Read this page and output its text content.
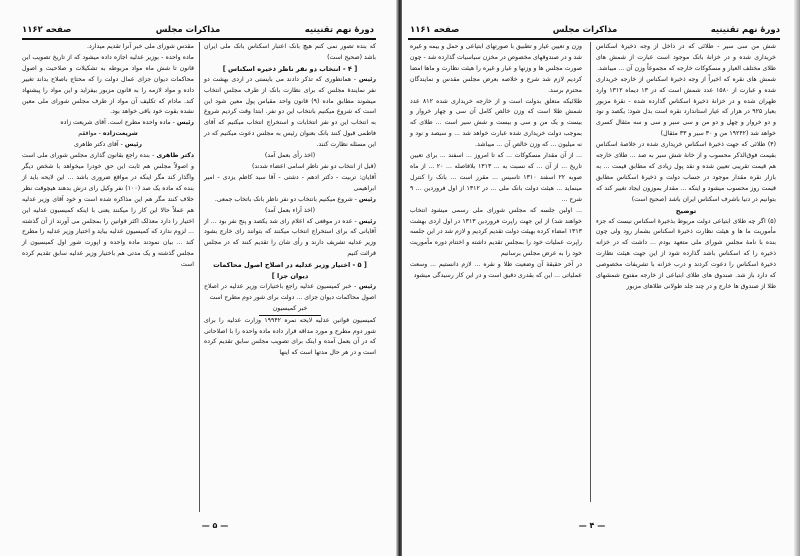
دورهٔ نهم تقنینیه
مذاکرات مجلس
صفحه ۱۱۶۲

که بنده تصور نمی کنم هیچ بانک اعتبار اسکناس بانک ملی ایران باشد (صحیح است)

[ ۴ - انتخاب دو نفر ناظر ذخیره اسکناس ]

رئیس - همانطوری که تذکر دادند می بایستی در اردی بهشت دو نفر نمایندهٔ مجلس که برای نظارت بانک از طرف مجلس انتخاب میشوند مطابق ماده (۹) قانون واحد مقیاس پول معین شود این است که شروع میکنیم بانتخاب این دو نفر. ابتدا وقت کردیم شروع به انتخاب این دو نفر انتخابات و استخراج انتخاب میکنیم که آقای فاطمی قبول کنند بانک بعنوان رئیس به مجلس دعوت میکنیم که در این مسئله نظارت کنند.

(اخذ رأی بعمل آمد)

(قبل از انتخاب دو نفر ناظر اسامی اعضاء شدند)

آقایان: تربیت - دکتر ادهم - دشتی - آقا سید کاظم یزدی - امیر ابراهیمی

رئیس - شروع میکنیم بانتخاب دو نفر ناظر بانک باتخاب جمعی.

(اخذ آراء بعمل آمد)

رئیس - عده در موقعی که اعلام رای شد یکصد و پنج نفر بود ... از آقایانی که برای استخراج انتخاب میکنند که بتوانند رای خارج بشود وزیر عدلیه تشریف دارند و رأی شان را تقدیم کنند که در مجلس قرائت کنیم

[ ۵ - اختیار وزیر عدلیه در اصلاح اصول محاکمات دیوان جزا ]

رئیس - خبر کمیسیون عدلیه راجع باختیارات وزیر عدلیه در اصلاح اصول محاکمات دیوان جزای ... دولت برای شور دوم مطرح است

خبر کمیسیون

کمیسیون قوانین عدلیه لایحه نمره ۱۹۹۴۲ وزارت عدلیه را برای شور دوم مطرح و مورد مداقه قرار داده ماده واحده را با اصلاحاتی که در آن بعمل آمده و اینک برای تصویب مجلس سابق تقدیم کرده است و در هر حال مدتها است که اینها

مقدس شورای ملی خبر آنرا تقدیم میدارد.

ماده واحده - بوزیر عدلیه اجازه داده میشود که از تاریخ تصویب این قانون تا شش ماه مواد مربوطه به تشکیلات و صلاحیت و اصول محاکمات دیوان جزای عمال دولت را که محتاج باصلاح بداند تغییر داده و مواد لازمه را به قانون مزبور بیفزاید و این مواد را پیشنهاد کند. مادام که تکلیف آن مواد از طرف مجلس شورای ملی معین نشده بقوت خود باقی خواهد بود.

رئیس - ماده واحده مطرح است. آقای شریعت زاده

شریعت‌زاده - موافقم

رئیس - آقای دکتر طاهری

دکتر طاهری - بنده راجع بقانون گذاری مجلس شورای ملی است و اصولاً مجلس هم ثابت این حق خودرا میخواهد با شخص دیگر واگذار کند مگر اینکه در مواقع ضروری باشد ... این لایحه باید از بنده که ماده یک صد (۱۰۰) نفر وکیل رای درش بدهند هیچوقت نظر خلاف کنند مگر هم این مذاکره شده است و خود آقای وزیر عدلیه هم عملاً حالا این کار را میکنند یعنی با اینکه کمیسیون عدلیه این اختیار را دارد معذلک اکثر قوانین را بمجلس می آورند از آن گذشته ... لزوم ندارد که کمیسیون عدلیه بیاید و اختیار وزیر عدلیه را مطرح کند ... بیان نمودند ماده واحده و اپورت شور اول کمیسیون از مجلس گذشته و یک مدتی هم باختیار وزیر عدلیه سابق تقدیم کرده است

— ۵ —
دورهٔ نهم تقنینیه
مذاکرات مجلس
صفحه ۱۱۶۱

شش من سی سیر - طلائی که در داخل از وجه ذخیرهٔ اسکناس خریداری شده و در خزانهٔ بانک موجود است عبارت از شمش های طلای مختلف العیار و مسکوکات خارجه که مجموعاً وزن آن ... میباشد.

شمش های نقره که اخیراً از وجه ذخیرهٔ اسکناس از خارجه خریداری شده و عبارت از ۱۵۸۰ عدد شمش است که در ۱۳ دیماه ۱۳۱۲ وارد طهران شده و در خزانهٔ ذخیرهٔ اسکناس گذارده شده - نقرهٔ مزبور بعیار ۹۲۵ در هزار که عیار استاندارد نقره است بدل شود: یکصد و نود و دو خروار و چهل و دو من و سی سیر و سی و سه مثقال کسری خواهد شد (۱۹۲۴۲ من و ۳۰ سیر و ۳۳ مثقال)

(۴) طلائی که جهت ذخیرهٔ اسکناس خریداری شده در خلاصهٔ اسکناس بقیمت فوق‌الذکر محسوب و از خانهٔ شش سیر به صد ... طلای خارجه هم قیمت تقریبی تعیین شده و نقد پول زیادی که مطابق قیمت ... به بازار نقره مقدار موجود در حساب دولت و ذخیرهٔ اسکناس مطابق قیمت روز محسوب میشود و اینکه ... مقدار بموزون ایجاد تغییر کند که بتوانیم در دنیا باشرف اسکناس ایران باشد (صحیح است)

توضیح

(۵) اگر چه طلای ابتیاعی دولت مربوط بذخیرهٔ اسکناس نیست که جزء مأموریت ما ها و هیئت نظارت ذخیرهٔ اسکناس بشمار رود ولی چون بنده با نامهٔ مجلس شورای ملی متعهد بودم ... داشت که در خزانه ذخیره را که اسکناس باشد گذارده شود از این جهت هیئت نظارت ذخیرهٔ اسکناس را دعوت کردند و درب خزانه با تشریفات مخصوصی که دارد باز شد. صندوق های طلای ابتیاعی از خارجه مفتوح شمشهای طلا از صندوق ها خارج و در چند جلد طولانی طلاهای مزبور

وزن و تعیین عیار و تطبیق با صورتهای ابتیاعی و حمل و بیمه و غیره شد و در صندوقهای مخصوص در مخزن سیاسیات گذارده شد - چون صورت مجلس ها و وزنها و عیار و غیره را هیئت نظارت و ماها امضا کردیم لازم شد شرح و خلاصه بعرض مجلس مقدس و نمایندگان محترم برسد.

طلائیکه متعلق بدولت است و از خارجه خریداری شده ۸۱۲ عدد شمش طلا است که وزن خالص کامل آن سی و چهار خروار و بیست و یک من و سی و بیست و شش سیر است ... طلای که بموجب دولت خریداری شده عبارت خواهد شد ... و سیصد و نود و نه میلیون ... که وزن خالص آن ... میباشد.

... از آن مقدار مسکوکات ... که تا امروز ... اسفند ... برای تعیین تاریخ ... از آن ... که نسبت به ... ۱۳۱۳ بلافاصله ... ۲۰ ... از ماه صوبه ۲۲ اسفند ۱۳۱۰ تاسیس ... مقرر است ... بانک را کنترل مینماید ... هیئت دولت بانک ملی ... در ۱۳۱۲ از اول فروردین ... ۹ شرح ...

... اولین جلسه که مجلس شورای ملی رسمی میشود انتخاب خواهند شد) از این جهت راپرت فروردین ۱۳۱۳ در اول اردی بهشت ۱۳۱۳ امضاء کرده بهیئت دولت تقدیم کردیم و لازم شد در این جلسه راپرت عملیات خود را بمجلس تقدیم داشته و اختتام دوره مأموریت خود را به عرض مجلس برسانیم

در آخر حقیقهٔ آن وضعیت طلا و نقره ... لازم دانستیم ... وسعت عملیاتی ... این که بقدری دقیق است و در این کار رسیدگی میشود

— ۴ —
